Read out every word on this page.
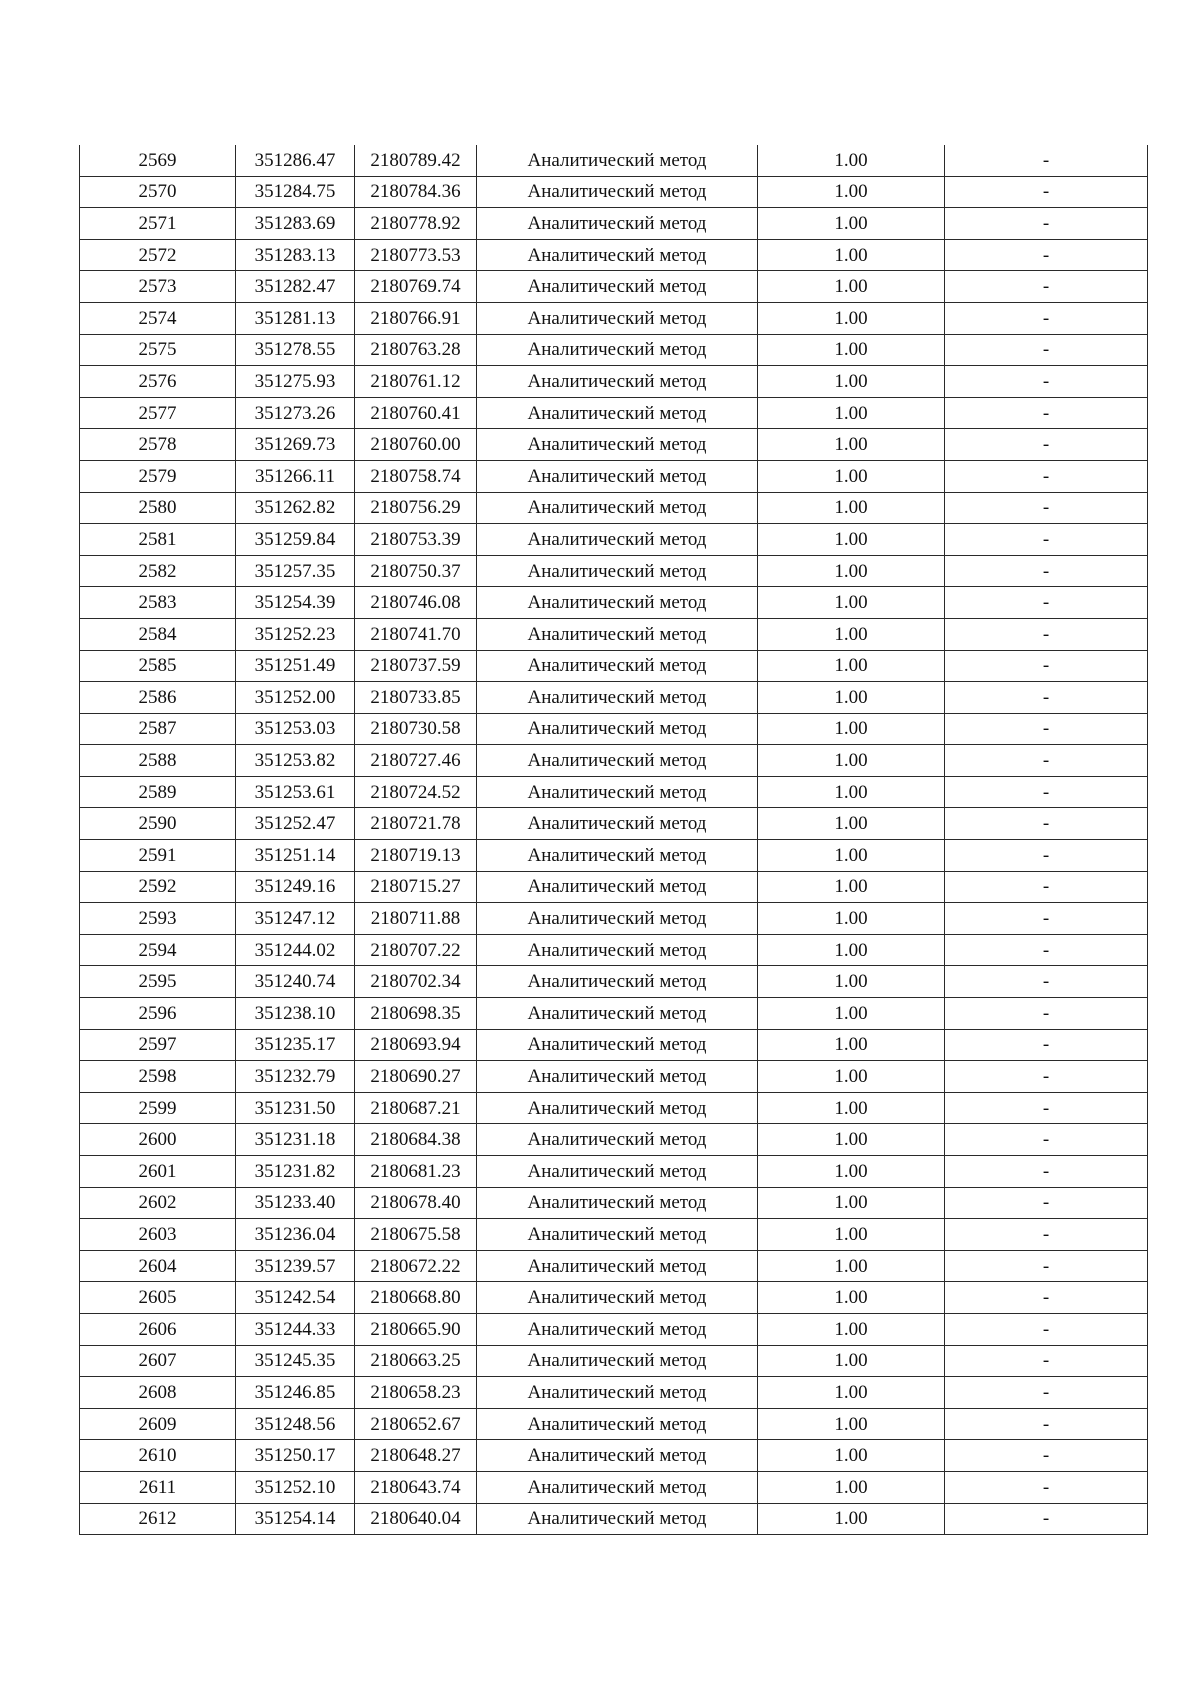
2569	351286.47	2180789.42	Аналитический метод	1.00	-
2570	351284.75	2180784.36	Аналитический метод	1.00	-
2571	351283.69	2180778.92	Аналитический метод	1.00	-
2572	351283.13	2180773.53	Аналитический метод	1.00	-
2573	351282.47	2180769.74	Аналитический метод	1.00	-
2574	351281.13	2180766.91	Аналитический метод	1.00	-
2575	351278.55	2180763.28	Аналитический метод	1.00	-
2576	351275.93	2180761.12	Аналитический метод	1.00	-
2577	351273.26	2180760.41	Аналитический метод	1.00	-
2578	351269.73	2180760.00	Аналитический метод	1.00	-
2579	351266.11	2180758.74	Аналитический метод	1.00	-
2580	351262.82	2180756.29	Аналитический метод	1.00	-
2581	351259.84	2180753.39	Аналитический метод	1.00	-
2582	351257.35	2180750.37	Аналитический метод	1.00	-
2583	351254.39	2180746.08	Аналитический метод	1.00	-
2584	351252.23	2180741.70	Аналитический метод	1.00	-
2585	351251.49	2180737.59	Аналитический метод	1.00	-
2586	351252.00	2180733.85	Аналитический метод	1.00	-
2587	351253.03	2180730.58	Аналитический метод	1.00	-
2588	351253.82	2180727.46	Аналитический метод	1.00	-
2589	351253.61	2180724.52	Аналитический метод	1.00	-
2590	351252.47	2180721.78	Аналитический метод	1.00	-
2591	351251.14	2180719.13	Аналитический метод	1.00	-
2592	351249.16	2180715.27	Аналитический метод	1.00	-
2593	351247.12	2180711.88	Аналитический метод	1.00	-
2594	351244.02	2180707.22	Аналитический метод	1.00	-
2595	351240.74	2180702.34	Аналитический метод	1.00	-
2596	351238.10	2180698.35	Аналитический метод	1.00	-
2597	351235.17	2180693.94	Аналитический метод	1.00	-
2598	351232.79	2180690.27	Аналитический метод	1.00	-
2599	351231.50	2180687.21	Аналитический метод	1.00	-
2600	351231.18	2180684.38	Аналитический метод	1.00	-
2601	351231.82	2180681.23	Аналитический метод	1.00	-
2602	351233.40	2180678.40	Аналитический метод	1.00	-
2603	351236.04	2180675.58	Аналитический метод	1.00	-
2604	351239.57	2180672.22	Аналитический метод	1.00	-
2605	351242.54	2180668.80	Аналитический метод	1.00	-
2606	351244.33	2180665.90	Аналитический метод	1.00	-
2607	351245.35	2180663.25	Аналитический метод	1.00	-
2608	351246.85	2180658.23	Аналитический метод	1.00	-
2609	351248.56	2180652.67	Аналитический метод	1.00	-
2610	351250.17	2180648.27	Аналитический метод	1.00	-
2611	351252.10	2180643.74	Аналитический метод	1.00	-
2612	351254.14	2180640.04	Аналитический метод	1.00	-
